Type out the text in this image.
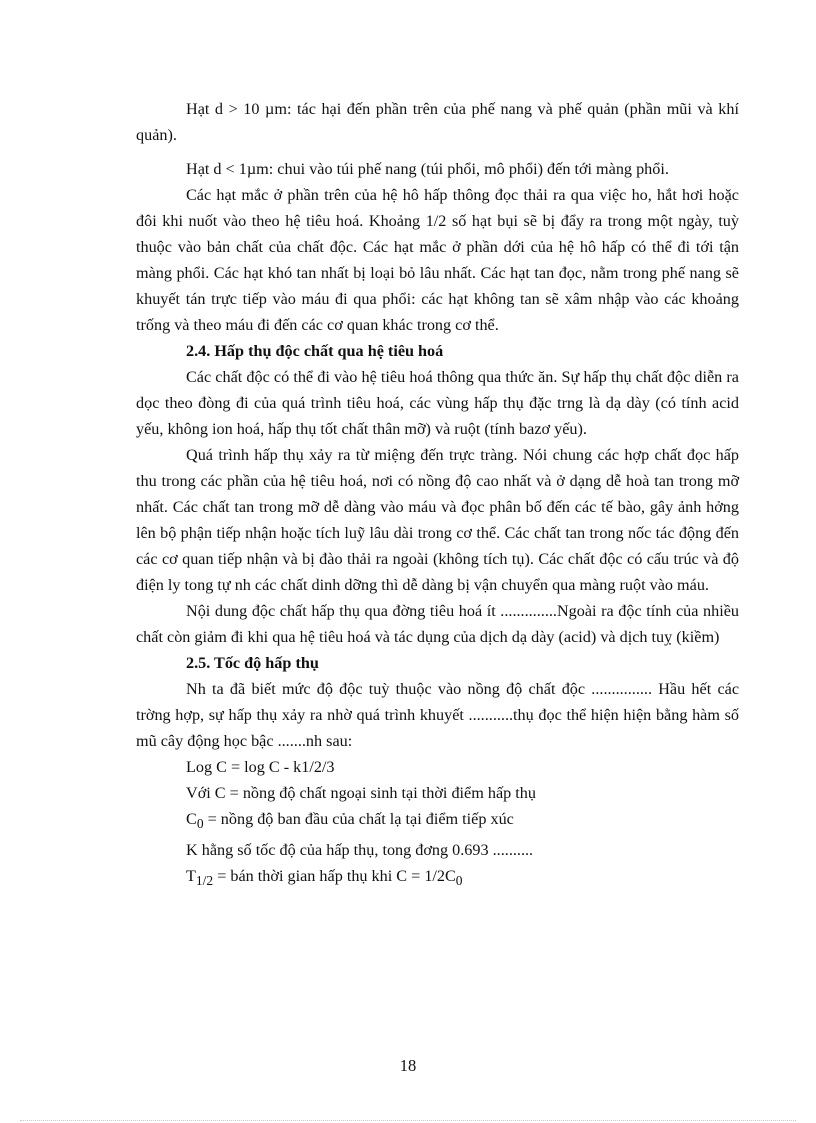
Hạt d > 10 µm: tác hại đến phần trên của phế nang và phế quản (phần mũi và khí quản).

Hạt d < 1µm: chui vào túi phế nang (túi phổi, mô phổi) đến tới màng phổi.

Các hạt mắc ở phần trên của hệ hô hấp thông đọc thải ra qua việc ho, hắt hơi hoặc đôi khi nuốt vào theo hệ tiêu hoá. Khoảng 1/2 số hạt bụi sẽ bị đẩy ra trong một ngày, tuỳ thuộc vào bản chất của chất độc. Các hạt mắc ở phần dới của hệ hô hấp có thể đi tới tận màng phổi. Các hạt khó tan nhất bị loại bỏ lâu nhất. Các hạt tan đọc, nằm trong phế nang sẽ khuyết tán trực tiếp vào máu đi qua phổi: các hạt không tan sẽ xâm nhập vào các khoảng trống và theo máu đi đến các cơ quan khác trong cơ thể.

2.4. Hấp thụ độc chất qua hệ tiêu hoá

Các chất độc có thể đi vào hệ tiêu hoá thông qua thức ăn. Sự hấp thụ chất độc diễn ra dọc theo đòng đi của quá trình tiêu hoá, các vùng hấp thụ đặc trng là dạ dày (có tính acid yếu, không ion hoá, hấp thụ tốt chất thân mỡ) và ruột (tính bazơ yếu).

Quá trình hấp thụ xảy ra từ miệng đến trực tràng. Nói chung các hợp chất đọc hấp thu trong các phần của hệ tiêu hoá, nơi có nồng độ cao nhất và ở dạng dễ hoà tan trong mỡ nhất. Các chất tan trong mỡ dễ dàng vào máu và đọc phân bố đến các tế bào, gây ảnh hởng lên bộ phận tiếp nhận hoặc tích luỹ lâu dài trong cơ thể. Các chất tan trong nốc tác động đến các cơ quan tiếp nhận và bị đào thải ra ngoài (không tích tụ). Các chất độc có cấu trúc và độ điện ly tong tự nh các chất dinh dỡng thì dễ dàng bị vận chuyển qua màng ruột vào máu.

Nội dung độc chất hấp thụ qua đờng tiêu hoá ít ..............Ngoài ra độc tính của nhiều chất còn giảm đi khi qua hệ tiêu hoá và tác dụng của dịch dạ dày (acid) và dịch tuỵ (kiềm)

2.5. Tốc độ hấp thụ

Nh ta đã biết mức độ độc tuỳ thuộc vào nồng độ chất độc ............... Hầu hết các trờng hợp, sự hấp thụ xảy ra nhờ quá trình khuyết ...........thụ đọc thể hiện hiện bằng hàm số mũ cây động học bậc .......nh sau:

Log C = log C - k1/2/3
Với C = nồng độ chất ngoại sinh tại thời điểm hấp thụ
$C_0$ = nồng độ ban đầu của chất lạ tại điểm tiếp xúc
K hằng số tốc độ của hấp thụ, tong đơng 0.693 ..........
$T_{1/2}$ = bán thời gian hấp thụ khi $C = 1/2C_0$
18
